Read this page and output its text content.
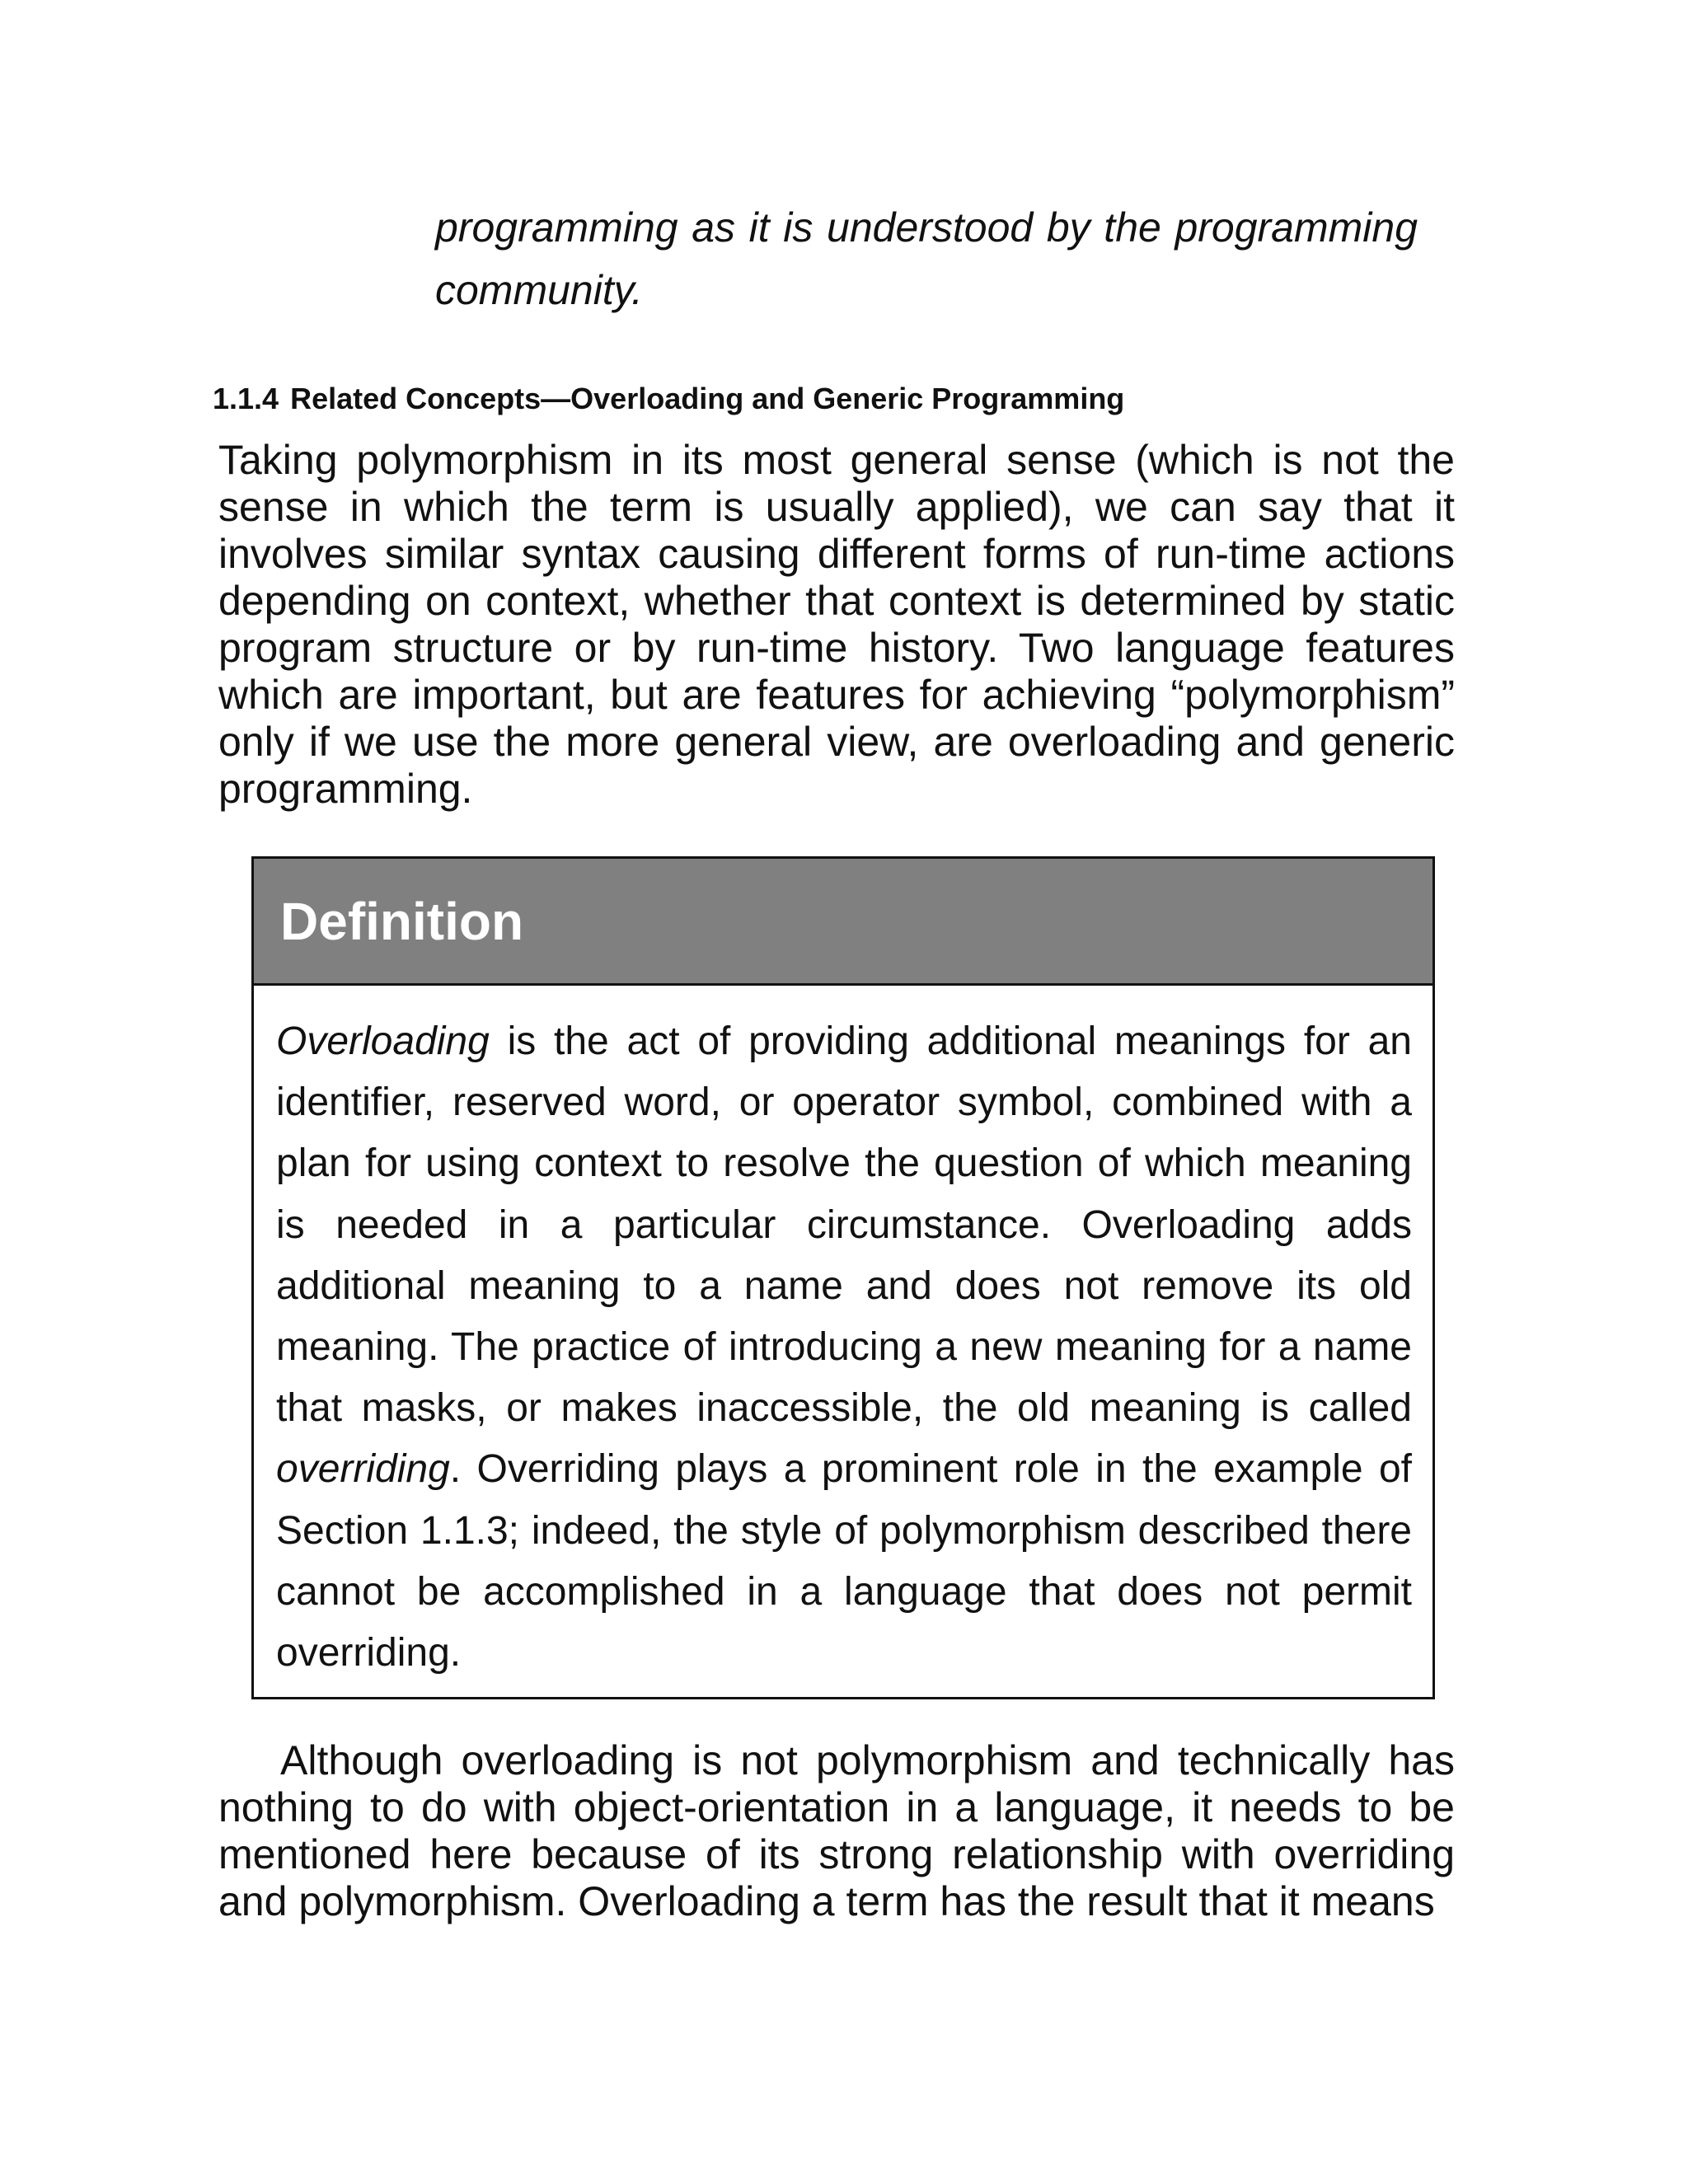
programming as it is understood by the programming community.

1.1.4 Related Concepts—Overloading and Generic Programming

Taking polymorphism in its most general sense (which is not the sense in which the term is usually applied), we can say that it involves similar syntax causing different forms of run-time actions depending on context, whether that context is determined by static program structure or by run-time history. Two language features which are important, but are features for achieving “polymorphism” only if we use the more general view, are overloading and generic programming.

Definition

Overloading is the act of providing additional meanings for an identifier, reserved word, or operator symbol, combined with a plan for using context to resolve the question of which meaning is needed in a particular circumstance. Overloading adds additional meaning to a name and does not remove its old meaning. The practice of introducing a new meaning for a name that masks, or makes inaccessible, the old meaning is called overriding. Overriding plays a prominent role in the example of Section 1.1.3; indeed, the style of polymorphism described there cannot be accomplished in a language that does not permit overriding.

Although overloading is not polymorphism and technically has nothing to do with object-orientation in a language, it needs to be mentioned here because of its strong relationship with overriding and polymorphism. Overloading a term has the result that it means
